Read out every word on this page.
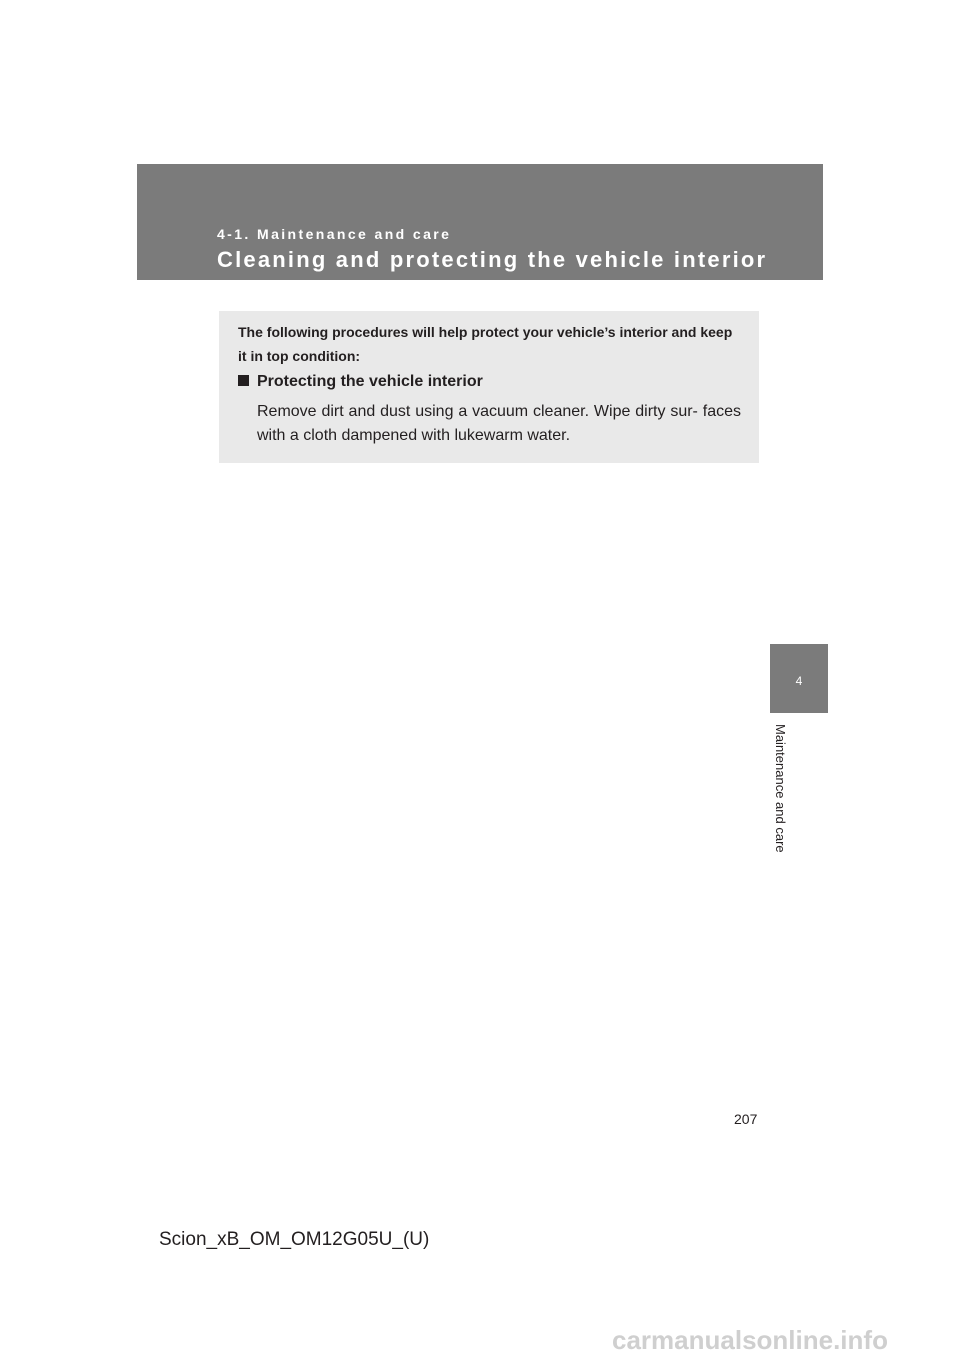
4-1. Maintenance and care
Cleaning and protecting the vehicle interior
The following procedures will help protect your vehicle’s interior and keep it in top condition:
Protecting the vehicle interior
Remove dirt and dust using a vacuum cleaner. Wipe dirty sur- faces with a cloth dampened with lukewarm water.
4
Maintenance and care
207
Scion_xB_OM_OM12G05U_(U)
carmanualsonline.info
